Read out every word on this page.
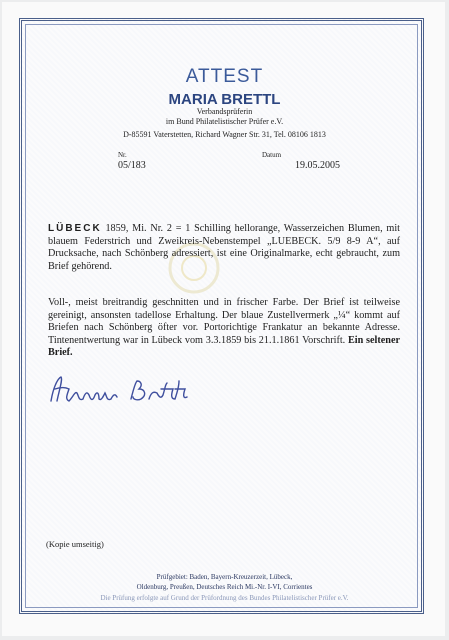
ATTEST
MARIA BRETTL
Verbandsprüferin
im Bund Philatelistischer Prüfer e.V.
D-85591 Vaterstetten, Richard Wagner Str. 31, Tel. 08106 1813
Nr.
05/183
Datum
19.05.2005
LÜBECK 1859, Mi. Nr. 2 = 1 Schilling hellorange, Wasserzeichen Blumen, mit blauem Federstrich und Zweikreis-Nebenstempel „LUEBECK. 5/9 8-9 A“, auf Drucksache, nach Schönberg adressiert, ist eine Originalmarke, echt gebraucht, zum Brief gehörend.
Voll-, meist breitrandig geschnitten und in frischer Farbe. Der Brief ist teilweise gereinigt, ansonsten tadellose Erhaltung. Der blaue Zustellvermerk „¼“ kommt auf Briefen nach Schönberg öfter vor. Portorichtige Frankatur an bekannte Adresse. Tintenentwertung war in Lübeck vom 3.3.1859 bis 21.1.1861 Vorschrift. Ein seltener Brief.
(Kopie umseitig)
Prüfgebiet: Baden, Bayern-Kreuzerzeit, Lübeck,
Oldenburg, Preußen, Deutsches Reich Mi.-Nr. I-VI, Corrientes
Die Prüfung erfolgte auf Grund der Prüfordnung des Bundes Philatelistischer Prüfer e.V.
